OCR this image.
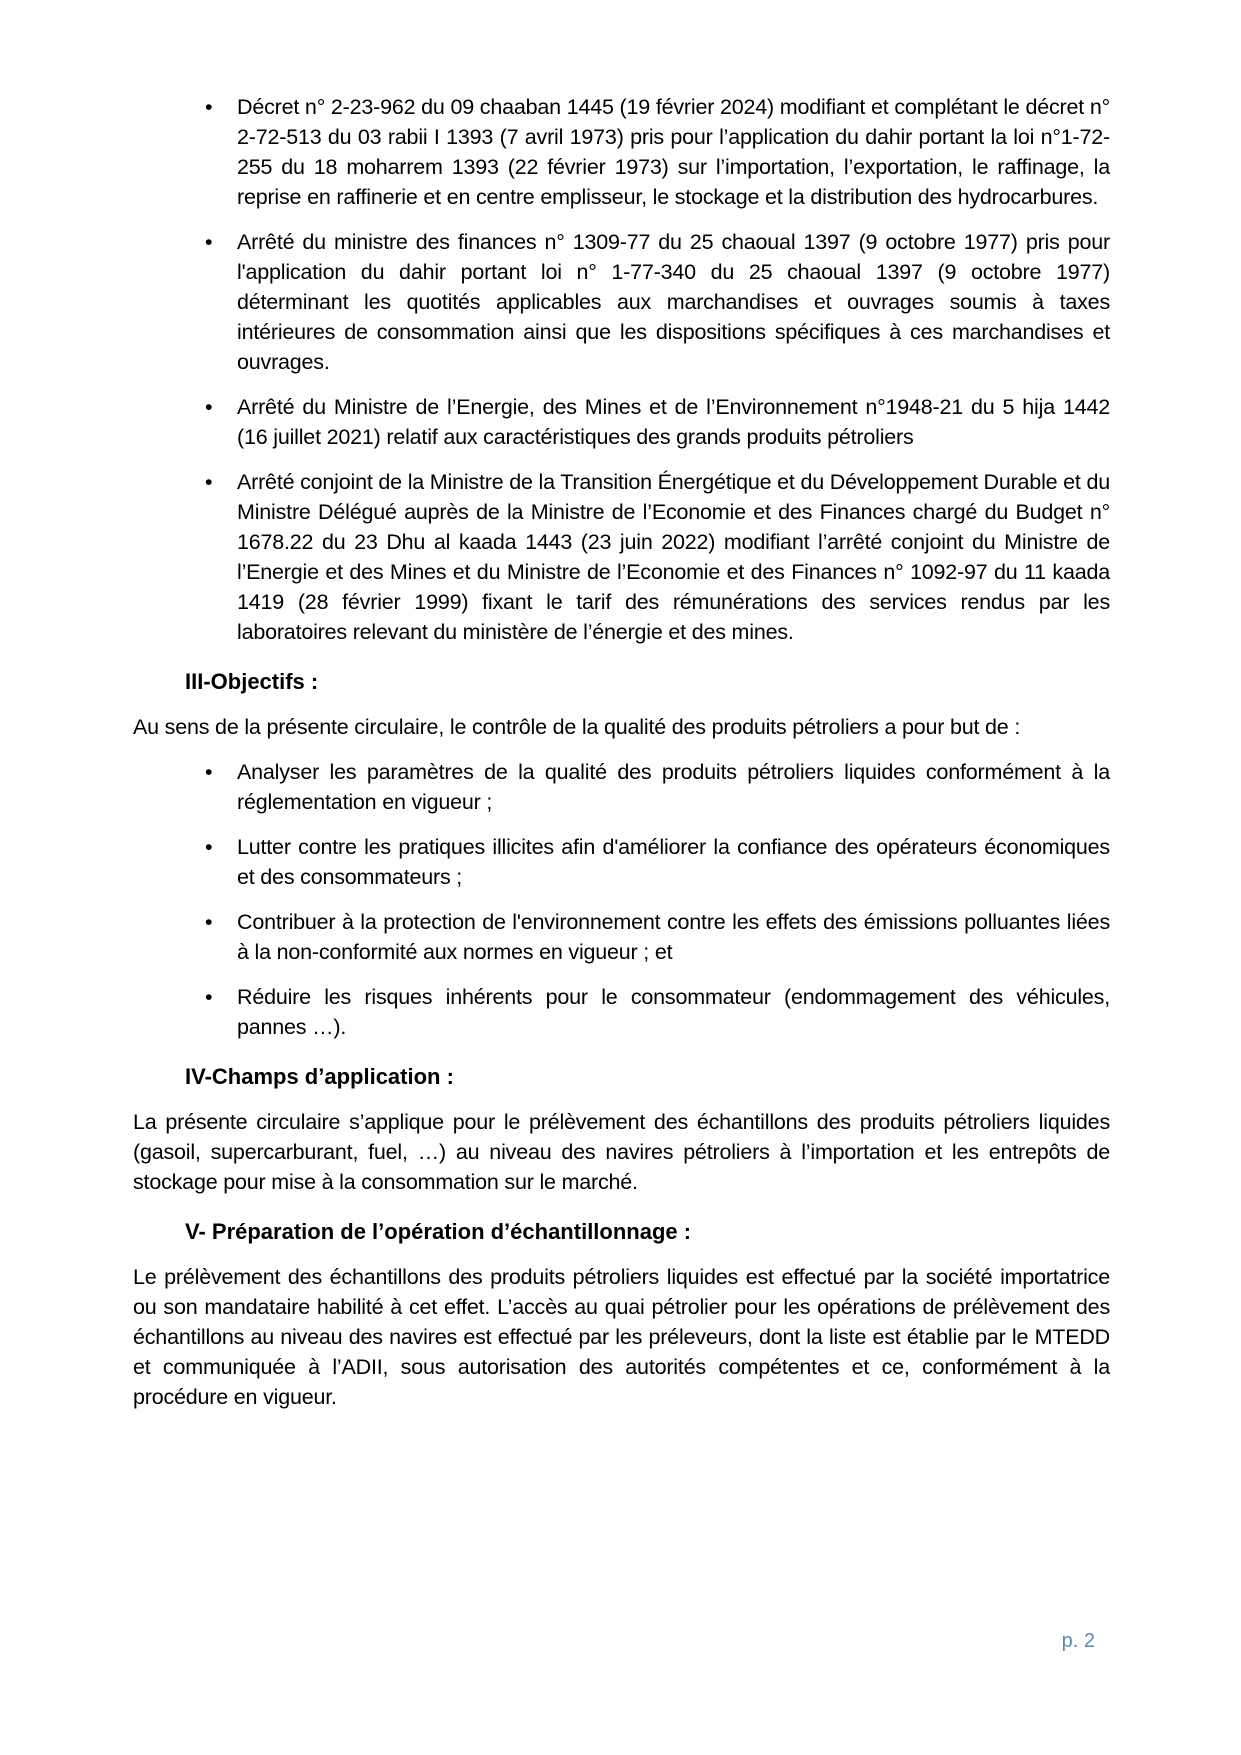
• Décret n° 2-23-962 du 09 chaaban 1445 (19 février 2024) modifiant et complétant le décret n° 2-72-513 du 03 rabii I 1393 (7 avril 1973) pris pour l’application du dahir portant la loi n°1-72-255 du 18 moharrem 1393 (22 février 1973) sur l’importation, l’exportation, le raffinage, la reprise en raffinerie et en centre emplisseur, le stockage et la distribution des hydrocarbures.
• Arrêté du ministre des finances n° 1309-77 du 25 chaoual 1397 (9 octobre 1977) pris pour l'application du dahir portant loi n° 1-77-340 du 25 chaoual 1397 (9 octobre 1977) déterminant les quotités applicables aux marchandises et ouvrages soumis à taxes intérieures de consommation ainsi que les dispositions spécifiques à ces marchandises et ouvrages.
• Arrêté du Ministre de l’Energie, des Mines et de l’Environnement n°1948-21 du 5 hija 1442 (16 juillet 2021) relatif aux caractéristiques des grands produits pétroliers
• Arrêté conjoint de la Ministre de la Transition Énergétique et du Développement Durable et du Ministre Délégué auprès de la Ministre de l’Economie et des Finances chargé du Budget n° 1678.22 du 23 Dhu al kaada 1443 (23 juin 2022) modifiant l’arrêté conjoint du Ministre de l’Energie et des Mines et du Ministre de l’Economie et des Finances n° 1092-97 du 11 kaada 1419 (28 février 1999) fixant le tarif des rémunérations des services rendus par les laboratoires relevant du ministère de l’énergie et des mines.
III-Objectifs :

Au sens de la présente circulaire, le contrôle de la qualité des produits pétroliers a pour but de :

• Analyser les paramètres de la qualité des produits pétroliers liquides conformément à la réglementation en vigueur ;
• Lutter contre les pratiques illicites afin d'améliorer la confiance des opérateurs économiques et des consommateurs ;
• Contribuer à la protection de l'environnement contre les effets des émissions polluantes liées à la non-conformité aux normes en vigueur ; et
• Réduire les risques inhérents pour le consommateur (endommagement des véhicules, pannes …).
IV-Champs d’application :

La présente circulaire s’applique pour le prélèvement des échantillons des produits pétroliers liquides (gasoil, supercarburant, fuel, …) au niveau des navires pétroliers à l’importation et les entrepôts de stockage pour mise à la consommation sur le marché.

V- Préparation de l’opération d’échantillonnage :

Le prélèvement des échantillons des produits pétroliers liquides est effectué par la société importatrice ou son mandataire habilité à cet effet. L’accès au quai pétrolier pour les opérations de prélèvement des échantillons au niveau des navires est effectué par les préleveurs, dont la liste est établie par le MTEDD et communiquée à l’ADII, sous autorisation des autorités compétentes et ce, conformément à la procédure en vigueur.

p. 2
